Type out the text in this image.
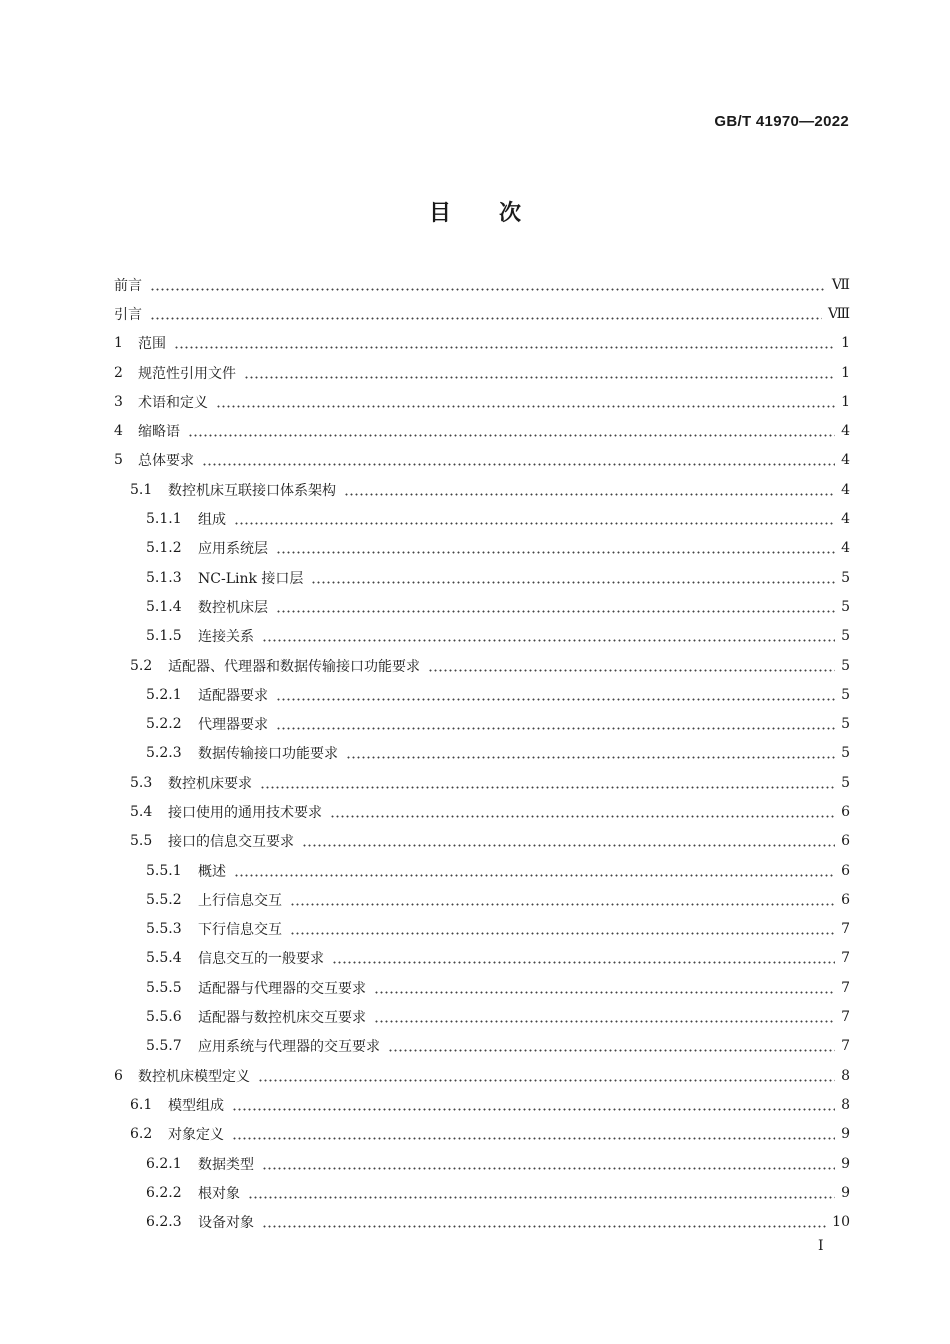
GB/T 41970—2022
目次
前言	Ⅶ
引言	Ⅷ
1	范围	1
2	规范性引用文件	1
3	术语和定义	1
4	缩略语	4
5	总体要求	4
5.1	数控机床互联接口体系架构	4
5.1.1	组成	4
5.1.2	应用系统层	4
5.1.3	NC-Link 接口层	5
5.1.4	数控机床层	5
5.1.5	连接关系	5
5.2	适配器、代理器和数据传输接口功能要求	5
5.2.1	适配器要求	5
5.2.2	代理器要求	5
5.2.3	数据传输接口功能要求	5
5.3	数控机床要求	5
5.4	接口使用的通用技术要求	6
5.5	接口的信息交互要求	6
5.5.1	概述	6
5.5.2	上行信息交互	6
5.5.3	下行信息交互	7
5.5.4	信息交互的一般要求	7
5.5.5	适配器与代理器的交互要求	7
5.5.6	适配器与数控机床交互要求	7
5.5.7	应用系统与代理器的交互要求	7
6	数控机床模型定义	8
6.1	模型组成	8
6.2	对象定义	9
6.2.1	数据类型	9
6.2.2	根对象	9
6.2.3	设备对象	10
I
